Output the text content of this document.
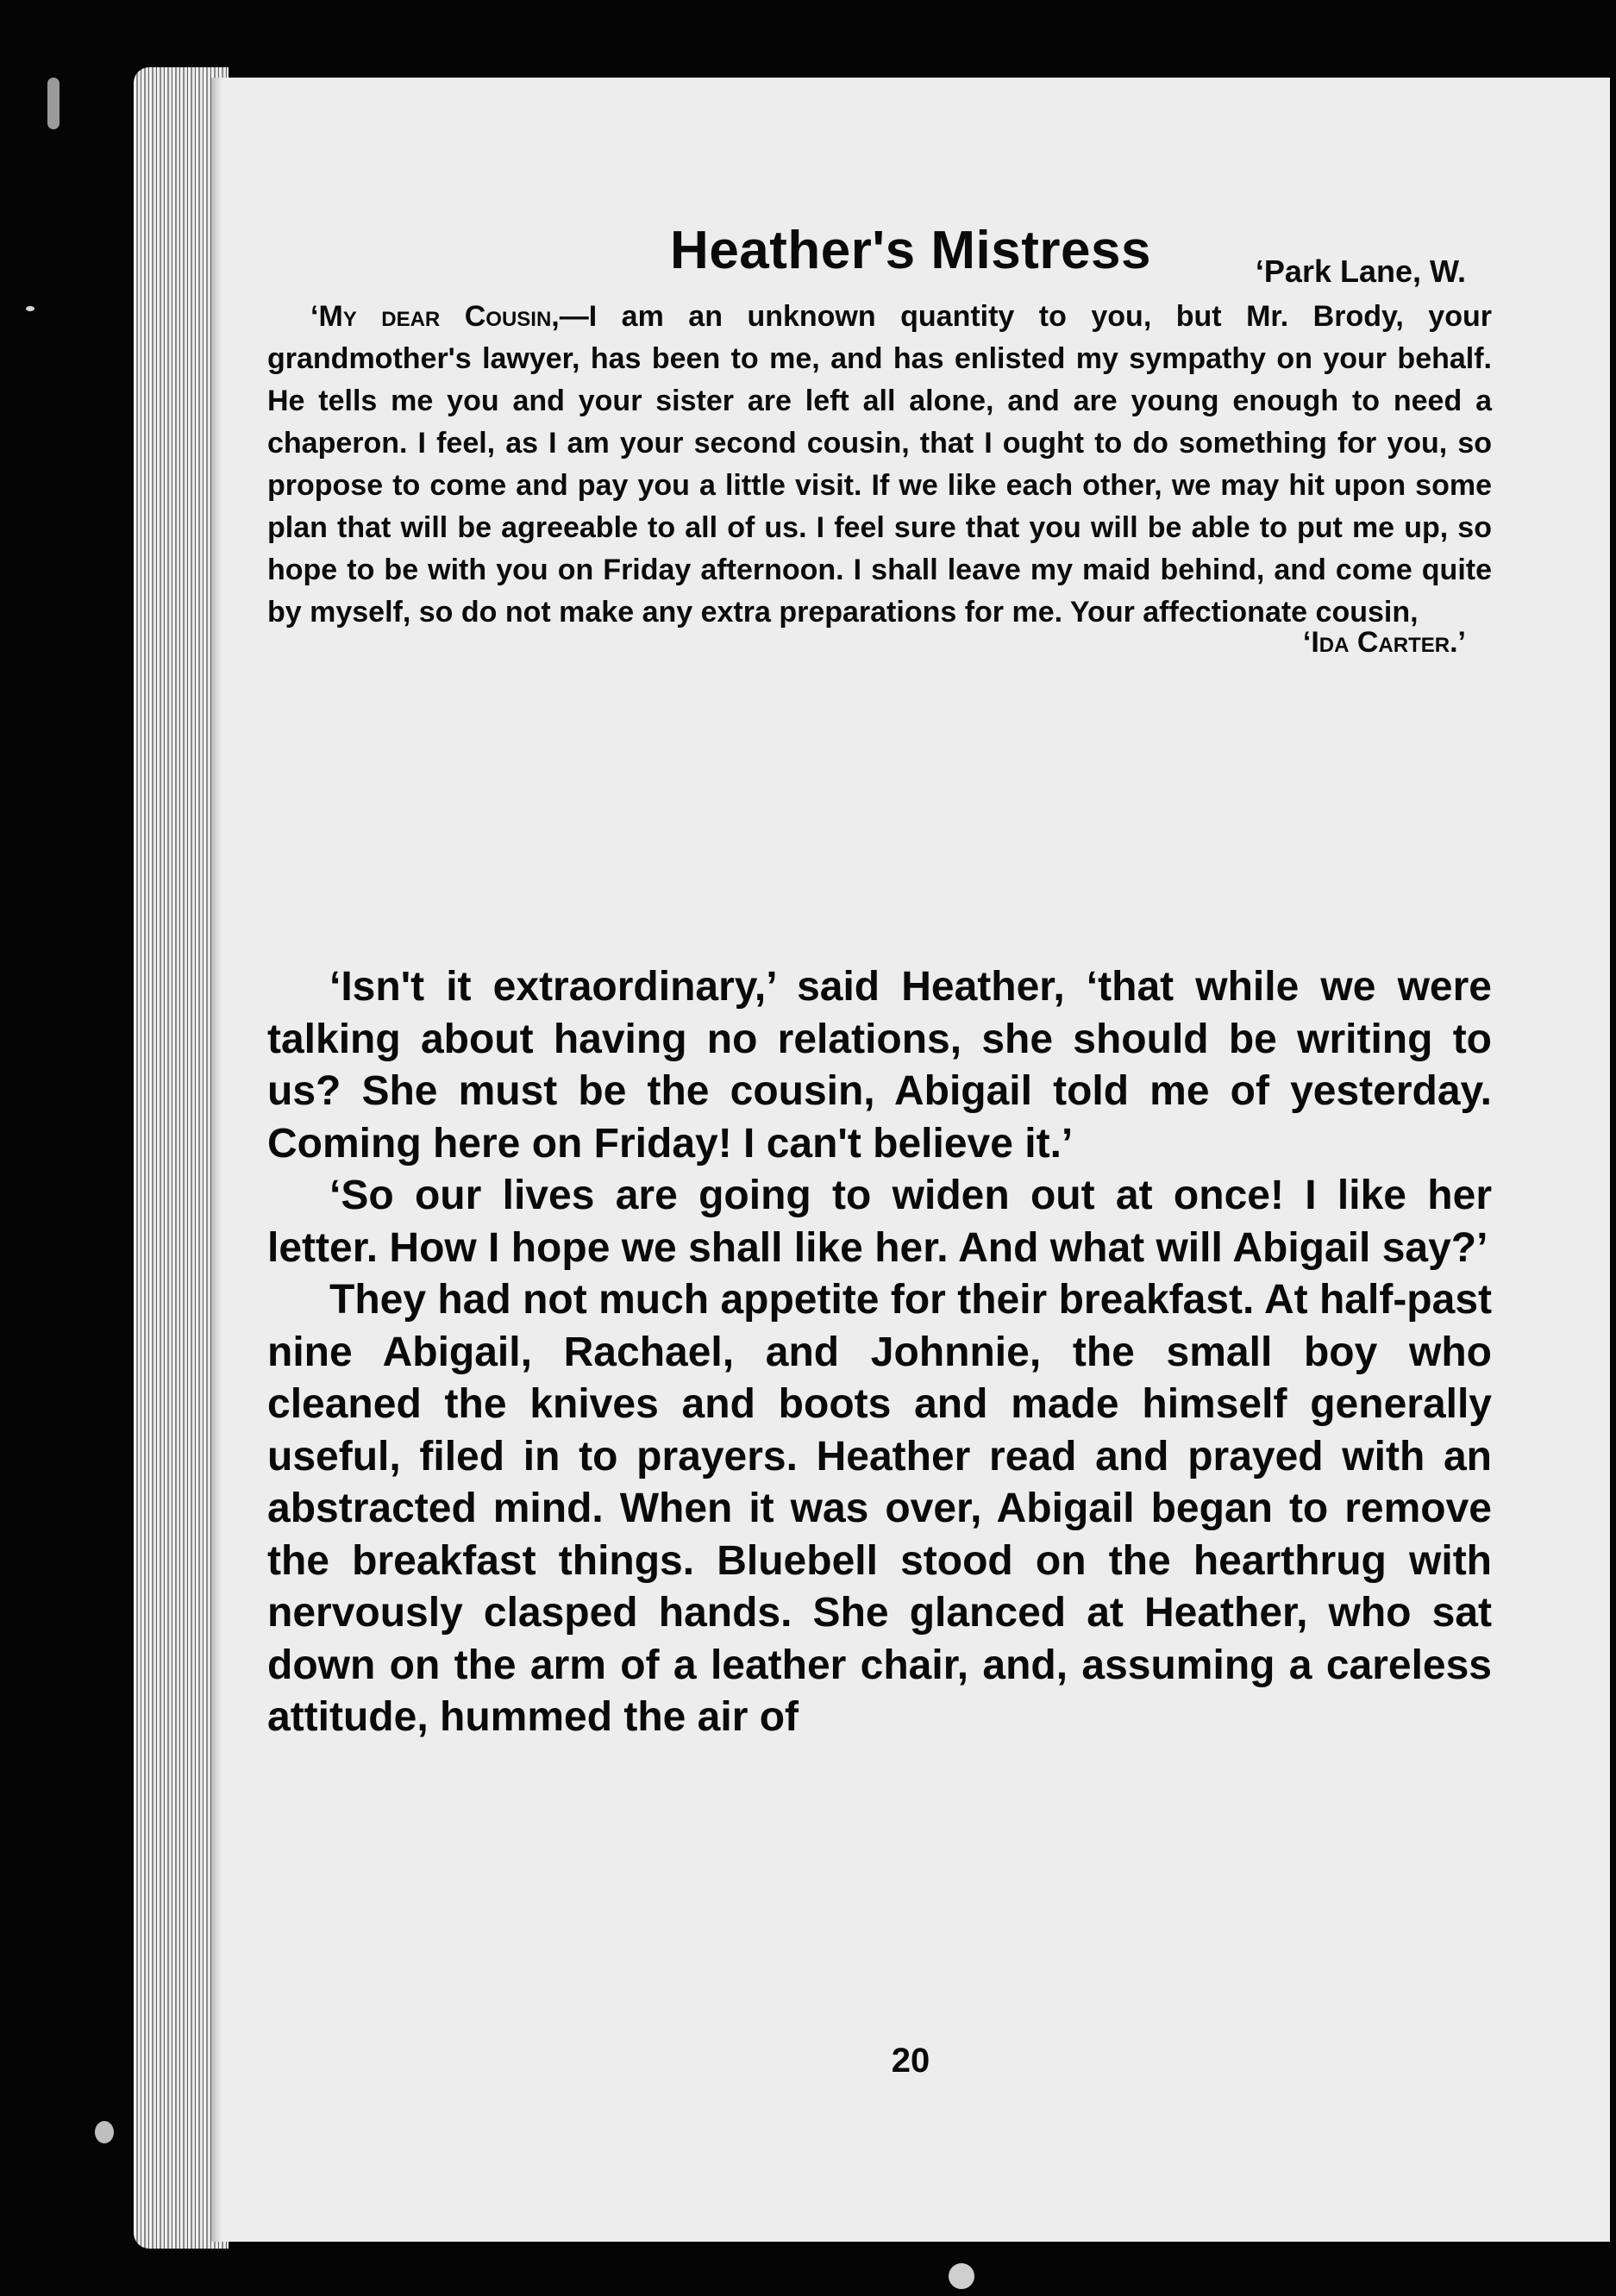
Heather's Mistress
20
‘Park Lane, W.

‘My dear Cousin,—I am an unknown quantity to you, but Mr. Brody, your grandmother's lawyer, has been to me, and has enlisted my sympathy on your behalf. He tells me you and your sister are left all alone, and are young enough to need a chaperon. I feel, as I am your second cousin, that I ought to do something for you, so propose to come and pay you a little visit. If we like each other, we may hit upon some plan that will be agreeable to all of us. I feel sure that you will be able to put me up, so hope to be with you on Friday afternoon. I shall leave my maid behind, and come quite by myself, so do not make any extra preparations for me. Your affectionate cousin,

‘Ida Carter.’

‘Isn't it extraordinary,’ said Heather, ‘that while we were talking about having no relations, she should be writing to us? She must be the cousin, Abigail told me of yesterday. Coming here on Friday! I can't believe it.’

‘So our lives are going to widen out at once! I like her letter. How I hope we shall like her. And what will Abigail say?’

They had not much appetite for their breakfast. At half-past nine Abigail, Rachael, and Johnnie, the small boy who cleaned the knives and boots and made himself generally useful, filed in to prayers. Heather read and prayed with an abstracted mind. When it was over, Abigail began to remove the breakfast things. Bluebell stood on the hearthrug with nervously clasped hands. She glanced at Heather, who sat down on the arm of a leather chair, and, assuming a careless attitude, hummed the air of
